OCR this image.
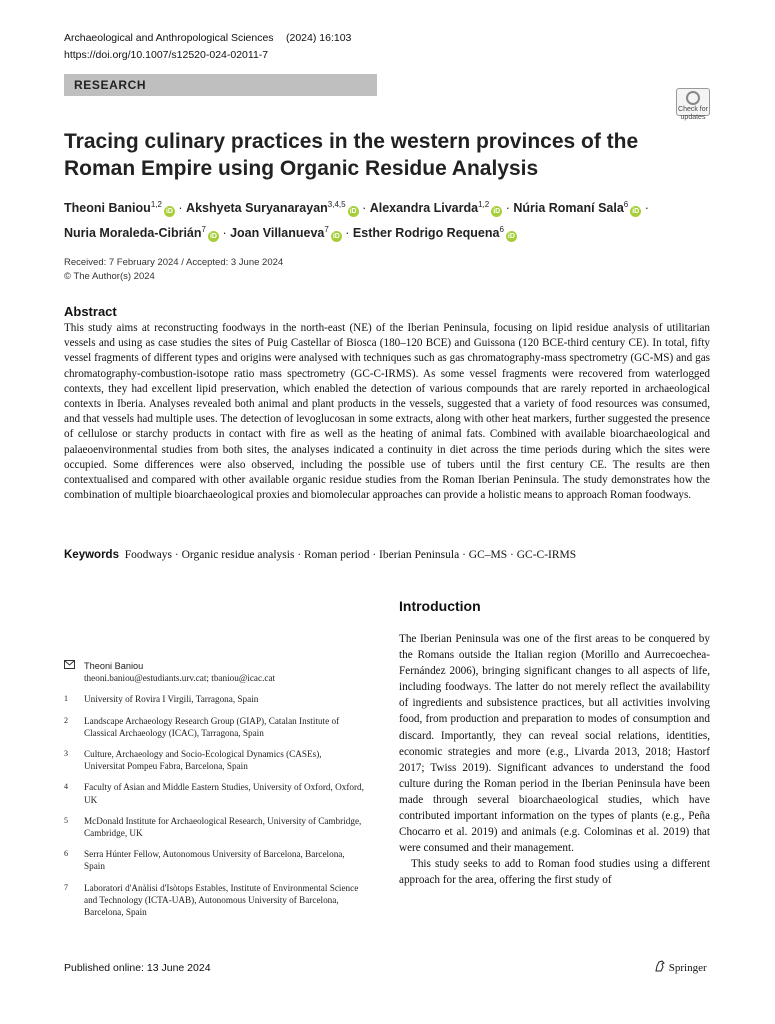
Archaeological and Anthropological Sciences (2024) 16:103
https://doi.org/10.1007/s12520-024-02011-7
RESEARCH
Check for
updates
Tracing culinary practices in the western provinces of the Roman Empire using Organic Residue Analysis
Theoni Baniou$^{1,2}$iD · Akshyeta Suryanarayan$^{3,4,5}$iD · Alexandra Livarda$^{1,2}$iD · Núria Romaní Sala$^6$iD · Nuria Moraleda-Cibrián$^7$iD · Joan Villanueva$^7$iD · Esther Rodrigo Requena$^6$iD
Received: 7 February 2024 / Accepted: 3 June 2024
© The Author(s) 2024
Abstract
This study aims at reconstructing foodways in the north-east (NE) of the Iberian Peninsula, focusing on lipid residue analysis of utilitarian vessels and using as case studies the sites of Puig Castellar of Biosca (180–120 BCE) and Guissona (120 BCE-third century CE). In total, fifty vessel fragments of different types and origins were analysed with techniques such as gas chromatography-mass spectrometry (GC-MS) and gas chromatography-combustion-isotope ratio mass spectrometry (GC-C-IRMS). As some vessel fragments were recovered from waterlogged contexts, they had excellent lipid preservation, which enabled the detection of various compounds that are rarely reported in archaeological contexts in Iberia. Analyses revealed both animal and plant products in the vessels, suggested that a variety of food resources was consumed, and that vessels had multiple uses. The detection of levoglucosan in some extracts, along with other heat markers, further suggested the presence of cellulose or starchy products in contact with fire as well as the heating of animal fats. Combined with available bioarchaeological and palaeoenvironmental studies from both sites, the analyses indicated a continuity in diet across the time periods during which the sites were occupied. Some differences were also observed, including the possible use of tubers until the first century CE. The results are then contextualised and compared with other available organic residue studies from the Roman Iberian Peninsula. The study demonstrates how the combination of multiple bioarchaeological proxies and biomolecular approaches can provide a holistic means to approach Roman foodways.
Keywords Foodways · Organic residue analysis · Roman period · Iberian Peninsula · GC–MS · GC-C-IRMS
Introduction

The Iberian Peninsula was one of the first areas to be conquered by the Romans outside the Italian region (Morillo and Aurrecoechea-Fernández 2006), bringing significant changes to all aspects of life, including foodways. The latter do not merely reflect the availability of ingredients and subsistence practices, but all activities involving food, from production and preparation to modes of consumption and discard. Importantly, they can reveal social relations, identities, economic strategies and more (e.g., Livarda 2013, 2018; Hastorf 2017; Twiss 2019). Significant advances to understand the food culture during the Roman period in the Iberian Peninsula have been made through several bioarchaeological studies, which have contributed important information on the types of plants (e.g., Peña Chocarro et al. 2019) and animals (e.g. Colominas et al. 2019) that were consumed and their management.

This study seeks to add to Roman food studies using a different approach for the area, offering the first study of

Theoni Baniou
theoni.baniou@estudiants.urv.cat; tbaniou@icac.cat
1	University of Rovira I Virgili, Tarragona, Spain
2	Landscape Archaeology Research Group (GIAP), Catalan Institute of Classical Archaeology (ICAC), Tarragona, Spain
3	Culture, Archaeology and Socio-Ecological Dynamics (CASEs), Universitat Pompeu Fabra, Barcelona, Spain
4	Faculty of Asian and Middle Eastern Studies, University of Oxford, Oxford, UK
5	McDonald Institute for Archaeological Research, University of Cambridge, Cambridge, UK
6	Serra Húnter Fellow, Autonomous University of Barcelona, Barcelona, Spain
7	Laboratori d'Anàlisi d'Isòtops Estables, Institute of Environmental Science and Technology (ICTA-UAB), Autonomous University of Barcelona, Barcelona, Spain
Published online: 13 June 2024	Springer
